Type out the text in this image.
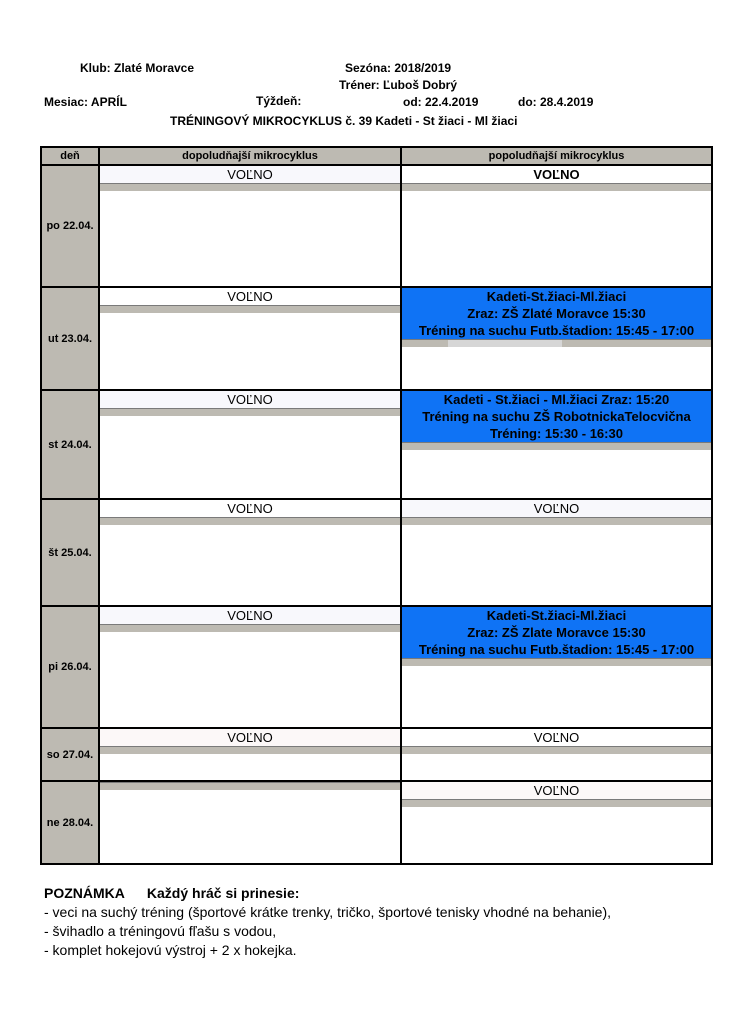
Klub: Zlaté Moravce	Sezóna: 2018/2019
Tréner: Ľuboš Dobrý
Mesiac: APRÍL	Týždeň:	od: 22.4.2019	do: 28.4.2019
TRÉNINGOVÝ MIKROCYKLUS č. 39 Kadeti - St žiaci - Ml žiaci
deň	dopoludňajší mikrocyklus	popoludňajší mikrocyklus
po 22.04.	VOĽNO	VOĽNO

ut 23.04.	VOĽNO	Kadeti-St.žiaci-Ml.žiaci
Zraz: ZŠ Zlaté Moravce 15:30
Tréning na suchu Futb.štadion: 15:45 - 17:00

st 24.04.	VOĽNO	Kadeti - St.žiaci - Ml.žiaci Zraz: 15:20
Tréning na suchu ZŠ RobotnickaTelocvična
Tréning: 15:30 - 16:30

št 25.04.	VOĽNO	VOĽNO

pi 26.04.	VOĽNO	Kadeti-St.žiaci-Ml.žiaci
Zraz: ZŠ Zlate Moravce 15:30
Tréning na suchu Futb.štadion: 15:45 - 17:00

so 27.04.	VOĽNO	VOĽNO

ne 28.04.		VOĽNO
POZNÁMKA Každý hráč si prinesie:
- veci na suchý tréning (športové krátke trenky, tričko, športové tenisky vhodné na behanie),
- švihadlo a tréningovú fľašu s vodou,
- komplet hokejovú výstroj + 2 x hokejka.
